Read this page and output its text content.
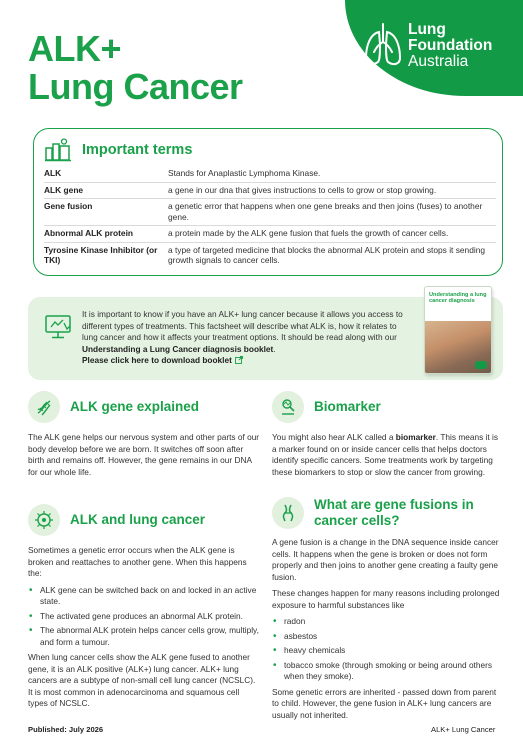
ALK+
Lung Cancer
Lung
Foundation
Australia
Important terms
ALK	Stands for Anaplastic Lymphoma Kinase.
ALK gene	a gene in our dna that gives instructions to cells to grow or stop growing.
Gene fusion	a genetic error that happens when one gene breaks and then joins (fuses) to another gene.
Abnormal ALK protein	a protein made by the ALK gene fusion that fuels the growth of cancer cells.
Tyrosine Kinase Inhibitor (or TKI)	a type of targeted medicine that blocks the abnormal ALK protein and stops it sending growth signals to cancer cells.
It is important to know if you have an ALK+ lung cancer because it allows you access to different types of treatments. This factsheet will describe what ALK is, how it relates to lung cancer and how it affects your treatment options. It should be read along with our Understanding a Lung Cancer diagnosis booklet.
Please click here to download booklet
Understanding a lung cancer diagnosis
ALK gene explained

The ALK gene helps our nervous system and other parts of our body develop before we are born. It switches off soon after birth and remains off. However, the gene remains in our DNA for our whole life.

Biomarker

You might also hear ALK called a biomarker. This means it is a marker found on or inside cancer cells that helps doctors identify specific cancers. Some treatments work by targeting these biomarkers to stop or slow the cancer from growing.

ALK and lung cancer

Sometimes a genetic error occurs when the ALK gene is broken and reattaches to another gene. When this happens the:

• ALK gene can be switched back on and locked in an active state.
• The activated gene produces an abnormal ALK protein.
• The abnormal ALK protein helps cancer cells grow, multiply, and form a tumour.

When lung cancer cells show the ALK gene fused to another gene, it is an ALK positive (ALK+) lung cancer. ALK+ lung cancers are a subtype of non-small cell lung cancer (NCSLC). It is most common in adenocarcinoma and squamous cell types of NCSLC.

What are gene fusions in
cancer cells?

A gene fusion is a change in the DNA sequence inside cancer cells. It happens when the gene is broken or does not form properly and then joins to another gene creating a faulty gene fusion.

These changes happen for many reasons including prolonged exposure to harmful substances like

• radon
• asbestos
• heavy chemicals
• tobacco smoke (through smoking or being around others when they smoke).

Some genetic errors are inherited - passed down from parent to child. However, the gene fusion in ALK+ lung cancers are usually not inherited.

Published: July 2026	ALK+ Lung Cancer
